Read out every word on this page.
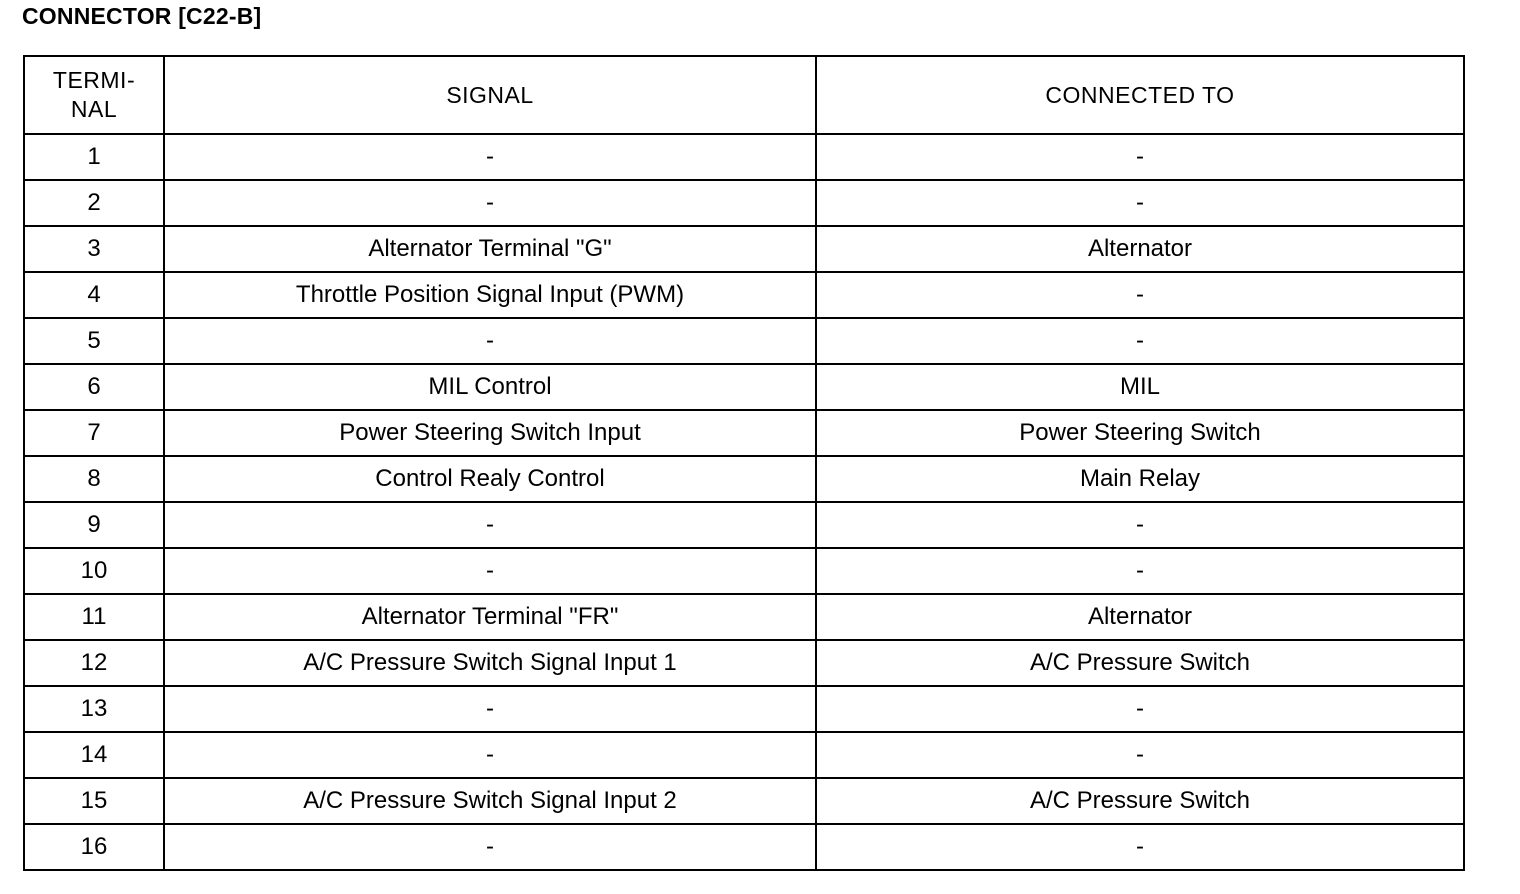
CONNECTOR [C22-B]
TERMI-
NAL	SIGNAL	CONNECTED TO
1	-	-
2	-	-
3	Alternator Terminal "G"	Alternator
4	Throttle Position Signal Input (PWM)	-
5	-	-
6	MIL Control	MIL
7	Power Steering Switch Input	Power Steering Switch
8	Control Realy Control	Main Relay
9	-	-
10	-	-
11	Alternator Terminal "FR"	Alternator
12	A/C Pressure Switch Signal Input 1	A/C Pressure Switch
13	-	-
14	-	-
15	A/C Pressure Switch Signal Input 2	A/C Pressure Switch
16	-	-
